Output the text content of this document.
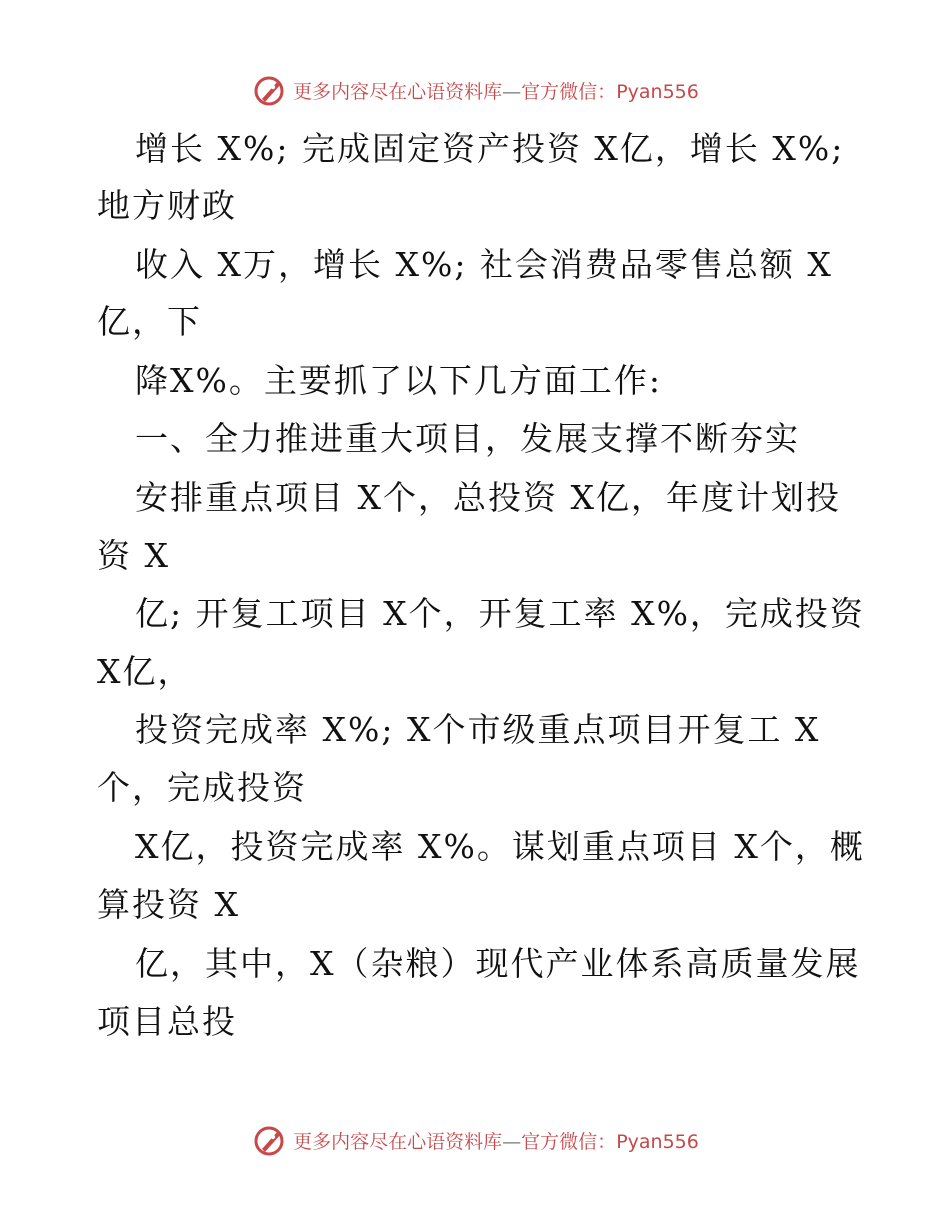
更多内容尽在心语资料库—官方微信：Pyan556
增长 X%; 完成固定资产投资 X亿，增长 X%;
地方财政
收入 X万，增长 X%; 社会消费品零售总额 X
亿，下
降X%。主要抓了以下几方面工作:
一、全力推进重大项目，发展支撑不断夯实
安排重点项目 X个，总投资 X亿，年度计划投
资 X
亿; 开复工项目 X个，开复工率 X%，完成投资
X亿，
投资完成率 X%; X个市级重点项目开复工 X
个，完成投资
X亿，投资完成率 X%。谋划重点项目 X个，概
算投资 X
亿，其中，X（杂粮）现代产业体系高质量发展
项目总投
更多内容尽在心语资料库—官方微信：Pyan556
